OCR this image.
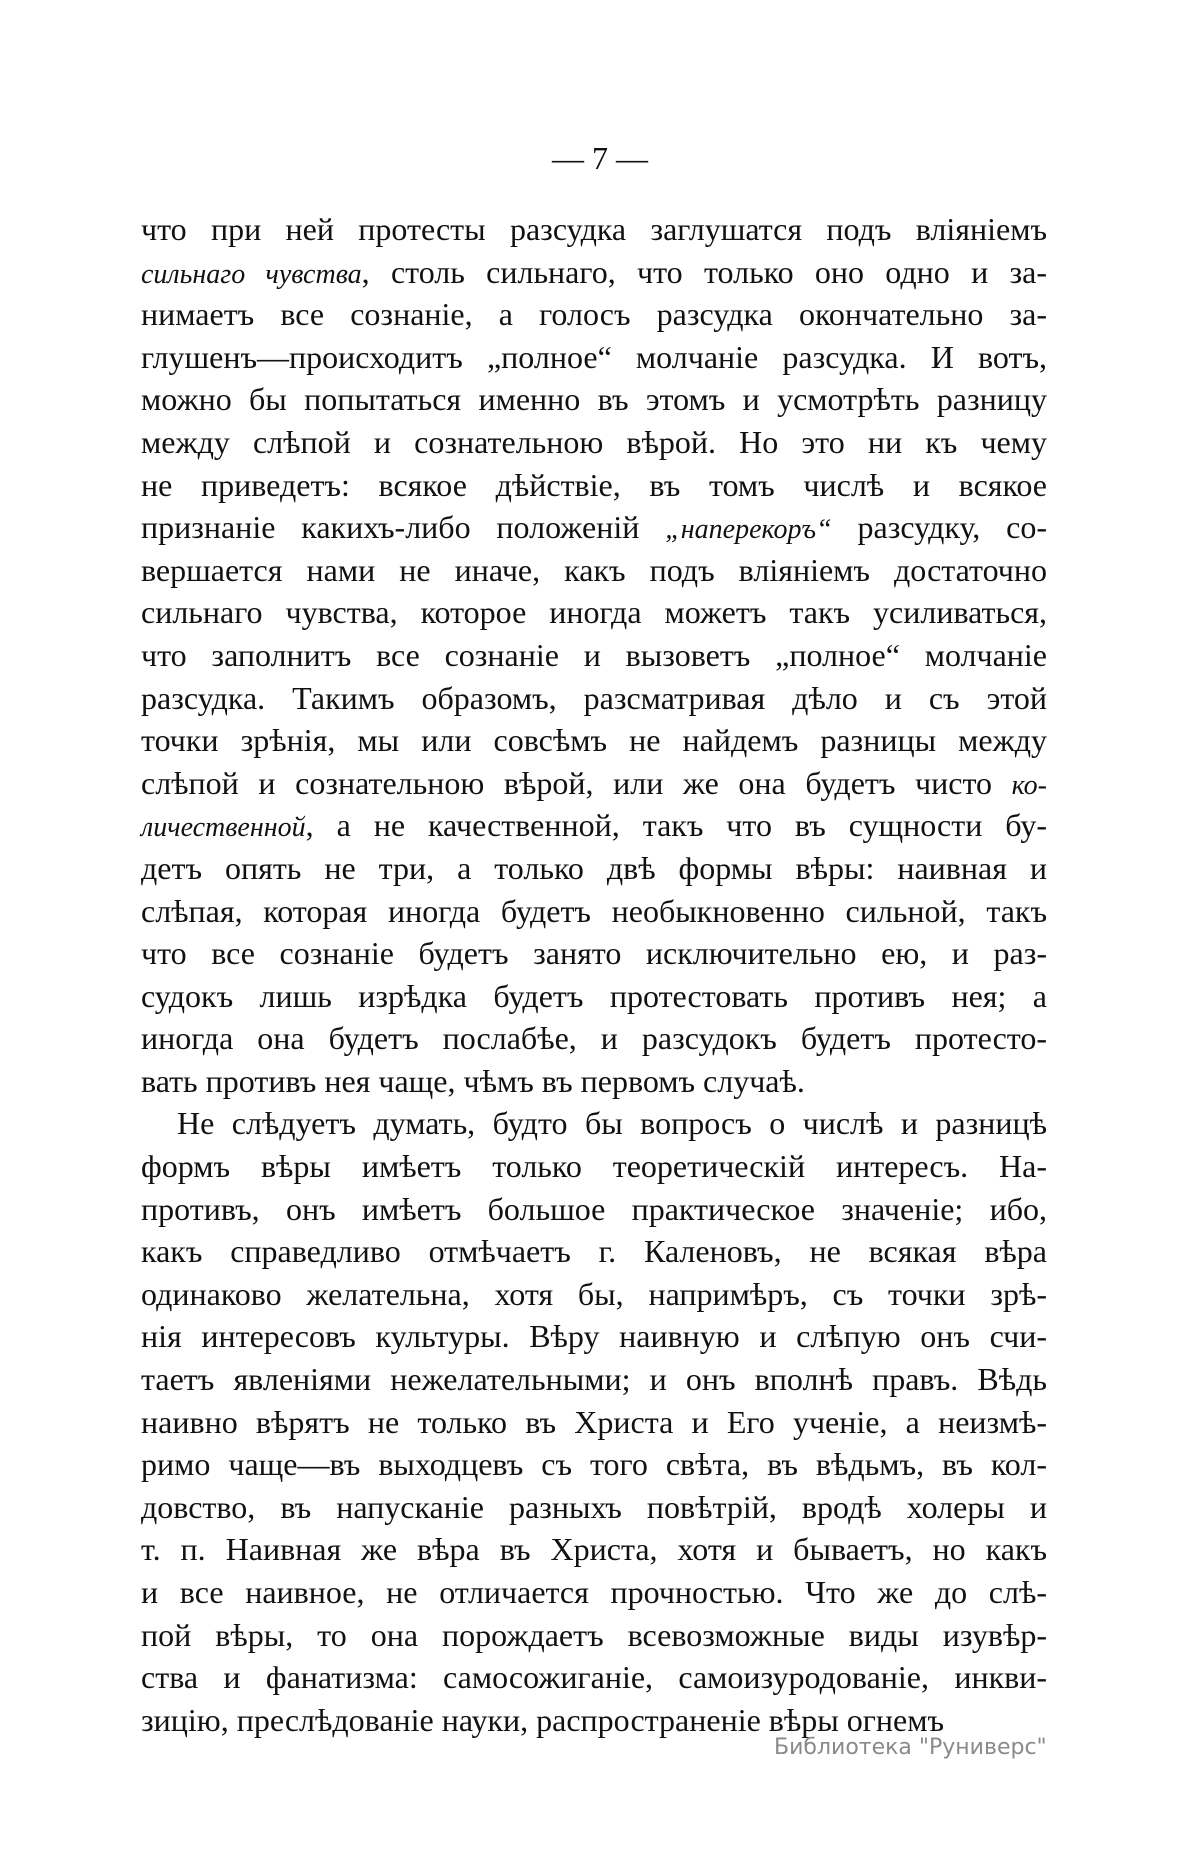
— 7 —
что при ней протесты разсудка заглушатся подъ вліяніемъ
сильнаго чувства, столь сильнаго, что только оно одно и за-
нимаетъ все сознаніе, а голосъ разсудка окончательно за-
глушенъ—происходитъ „полное“ молчаніе разсудка. И вотъ,
можно бы попытаться именно въ этомъ и усмотрѣть разницу
между слѣпой и сознательною вѣрой. Но это ни къ чему
не приведетъ: всякое дѣйствіе, въ томъ числѣ и всякое
признаніе какихъ-либо положеній „наперекоръ“ разсудку, со-
вершается нами не иначе, какъ подъ вліяніемъ достаточно
сильнаго чувства, которое иногда можетъ такъ усиливаться,
что заполнитъ все сознаніе и вызоветъ „полное“ молчаніе
разсудка. Такимъ образомъ, разсматривая дѣло и съ этой
точки зрѣнія, мы или совсѣмъ не найдемъ разницы между
слѣпой и сознательною вѣрой, или же она будетъ чисто ко-
личественной, а не качественной, такъ что въ сущности бу-
детъ опять не три, а только двѣ формы вѣры: наивная и
слѣпая, которая иногда будетъ необыкновенно сильной, такъ
что все сознаніе будетъ занято исключительно ею, и раз-
судокъ лишь изрѣдка будетъ протестовать противъ нея; а
иногда она будетъ послабѣе, и разсудокъ будетъ протесто-
вать противъ нея чаще, чѣмъ въ первомъ случаѣ.
Не слѣдуетъ думать, будто бы вопросъ о числѣ и разницѣ
формъ вѣры имѣетъ только теоретическій интересъ. На-
противъ, онъ имѣетъ большое практическое значеніе; ибо,
какъ справедливо отмѣчаетъ г. Каленовъ, не всякая вѣра
одинаково желательна, хотя бы, напримѣръ, съ точки зрѣ-
нія интересовъ культуры. Вѣру наивную и слѣпую онъ счи-
таетъ явленіями нежелательными; и онъ вполнѣ правъ. Вѣдь
наивно вѣрятъ не только въ Христа и Его ученіе, а неизмѣ-
римо чаще—въ выходцевъ съ того свѣта, въ вѣдьмъ, въ кол-
довство, въ напусканіе разныхъ повѣтрій, вродѣ холеры и
т. п. Наивная же вѣра въ Христа, хотя и бываетъ, но какъ
и все наивное, не отличается прочностью. Что же до слѣ-
пой вѣры, то она порождаетъ всевозможные виды изувѣр-
ства и фанатизма: самосожиганіе, самоизуродованіе, инкви-
зицію, преслѣдованіе науки, распространеніе вѣры огнемъ
Библиотека "Руниверс"
